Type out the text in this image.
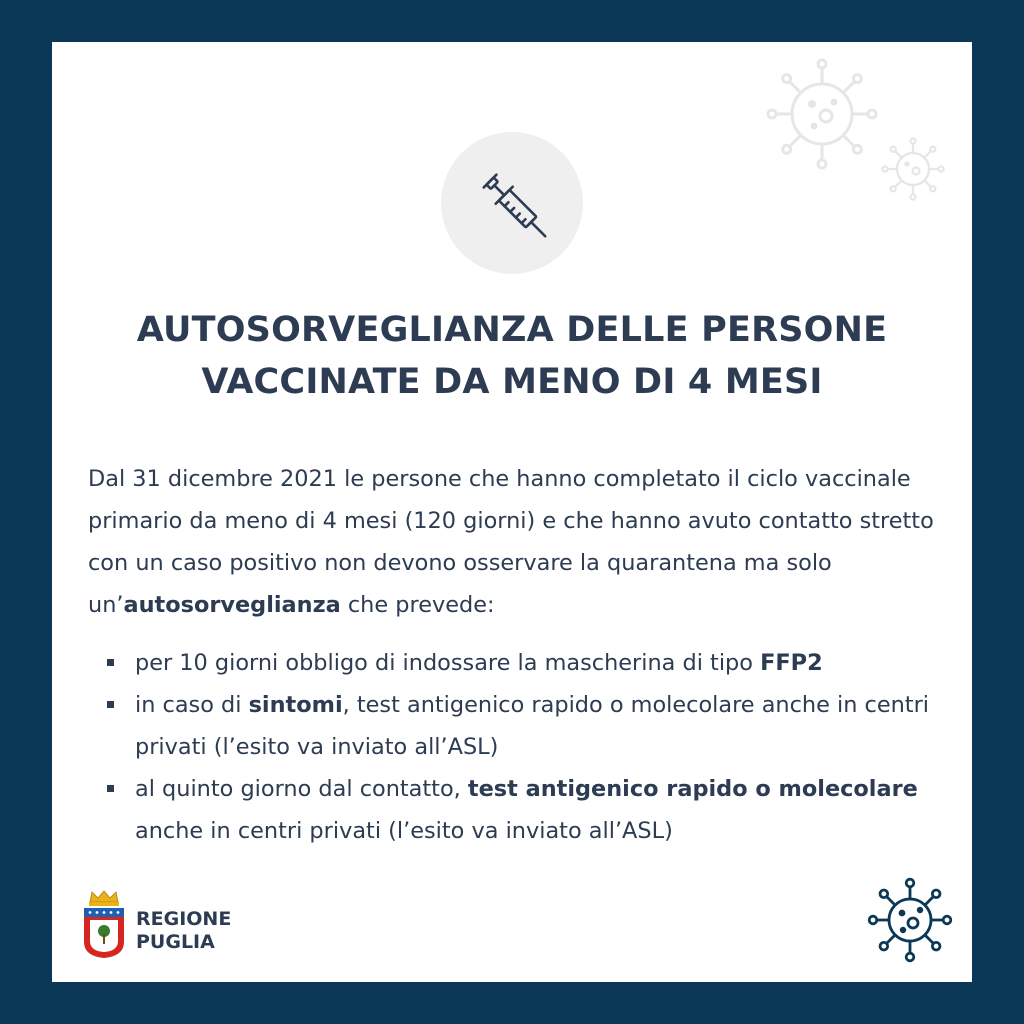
AUTOSORVEGLIANZA DELLE PERSONE
VACCINATE DA MENO DI 4 MESI

Dal 31 dicembre 2021 le persone che hanno completato il ciclo vaccinale primario da meno di 4 mesi (120 giorni) e che hanno avuto contatto stretto con un caso positivo non devono osservare la quarantena ma solo un’autosorveglianza che prevede:

per 10 giorni obbligo di indossare la mascherina di tipo FFP2
in caso di sintomi, test antigenico rapido o molecolare anche in centri privati (l’esito va inviato all’ASL)
al quinto giorno dal contatto, test antigenico rapido o molecolare anche in centri privati (l’esito va inviato all’ASL)
REGIONE
PUGLIA
